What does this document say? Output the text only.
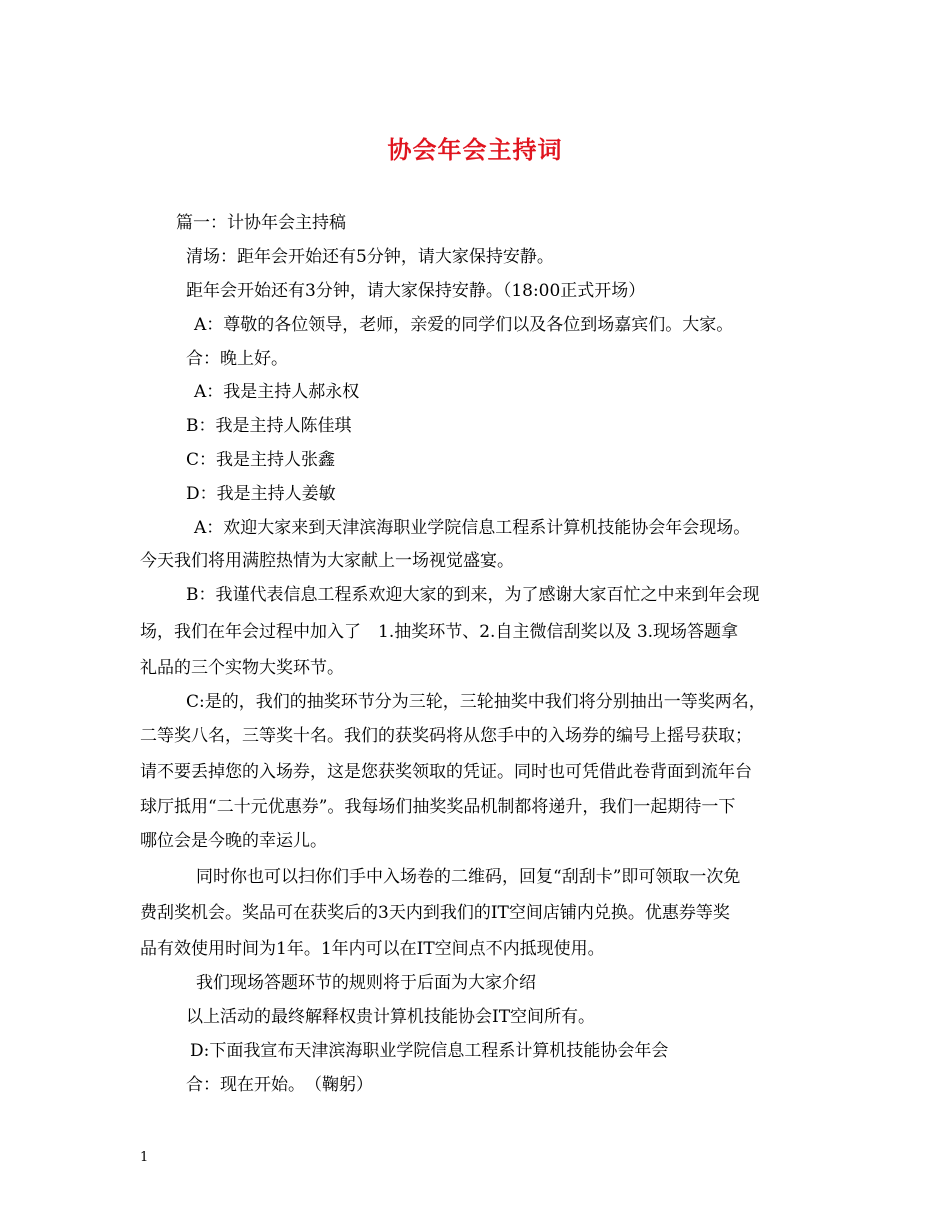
协会年会主持词

篇一：计协年会主持稿

清场：距年会开始还有5分钟，请大家保持安静。

距年会开始还有3分钟，请大家保持安静。（18:00正式开场）

A：尊敬的各位领导，老师，亲爱的同学们以及各位到场嘉宾们。大家。

合：晚上好。

A：我是主持人郝永权

B：我是主持人陈佳琪

C：我是主持人张鑫

D：我是主持人姜敏

A：欢迎大家来到天津滨海职业学院信息工程系计算机技能协会年会现场。

今天我们将用满腔热情为大家献上一场视觉盛宴。

B：我谨代表信息工程系欢迎大家的到来，为了感谢大家百忙之中来到年会现

场，我们在年会过程中加入了　1.抽奖环节、2.自主微信刮奖以及 3.现场答题拿

礼品的三个实物大奖环节。

C:是的，我们的抽奖环节分为三轮，三轮抽奖中我们将分别抽出一等奖两名，

二等奖八名，三等奖十名。我们的获奖码将从您手中的入场券的编号上摇号获取；

请不要丢掉您的入场券，这是您获奖领取的凭证。同时也可凭借此卷背面到流年台

球厅抵用“二十元优惠券”。我每场们抽奖奖品机制都将递升，我们一起期待一下

哪位会是今晚的幸运儿。

同时你也可以扫你们手中入场卷的二维码，回复“刮刮卡”即可领取一次免

费刮奖机会。奖品可在获奖后的3天内到我们的IT空间店铺内兑换。优惠券等奖

品有效使用时间为1年。1年内可以在IT空间点不内抵现使用。

我们现场答题环节的规则将于后面为大家介绍

以上活动的最终解释权贵计算机技能协会IT空间所有。

D:下面我宣布天津滨海职业学院信息工程系计算机技能协会年会

合：现在开始。　（鞠躬）

1
